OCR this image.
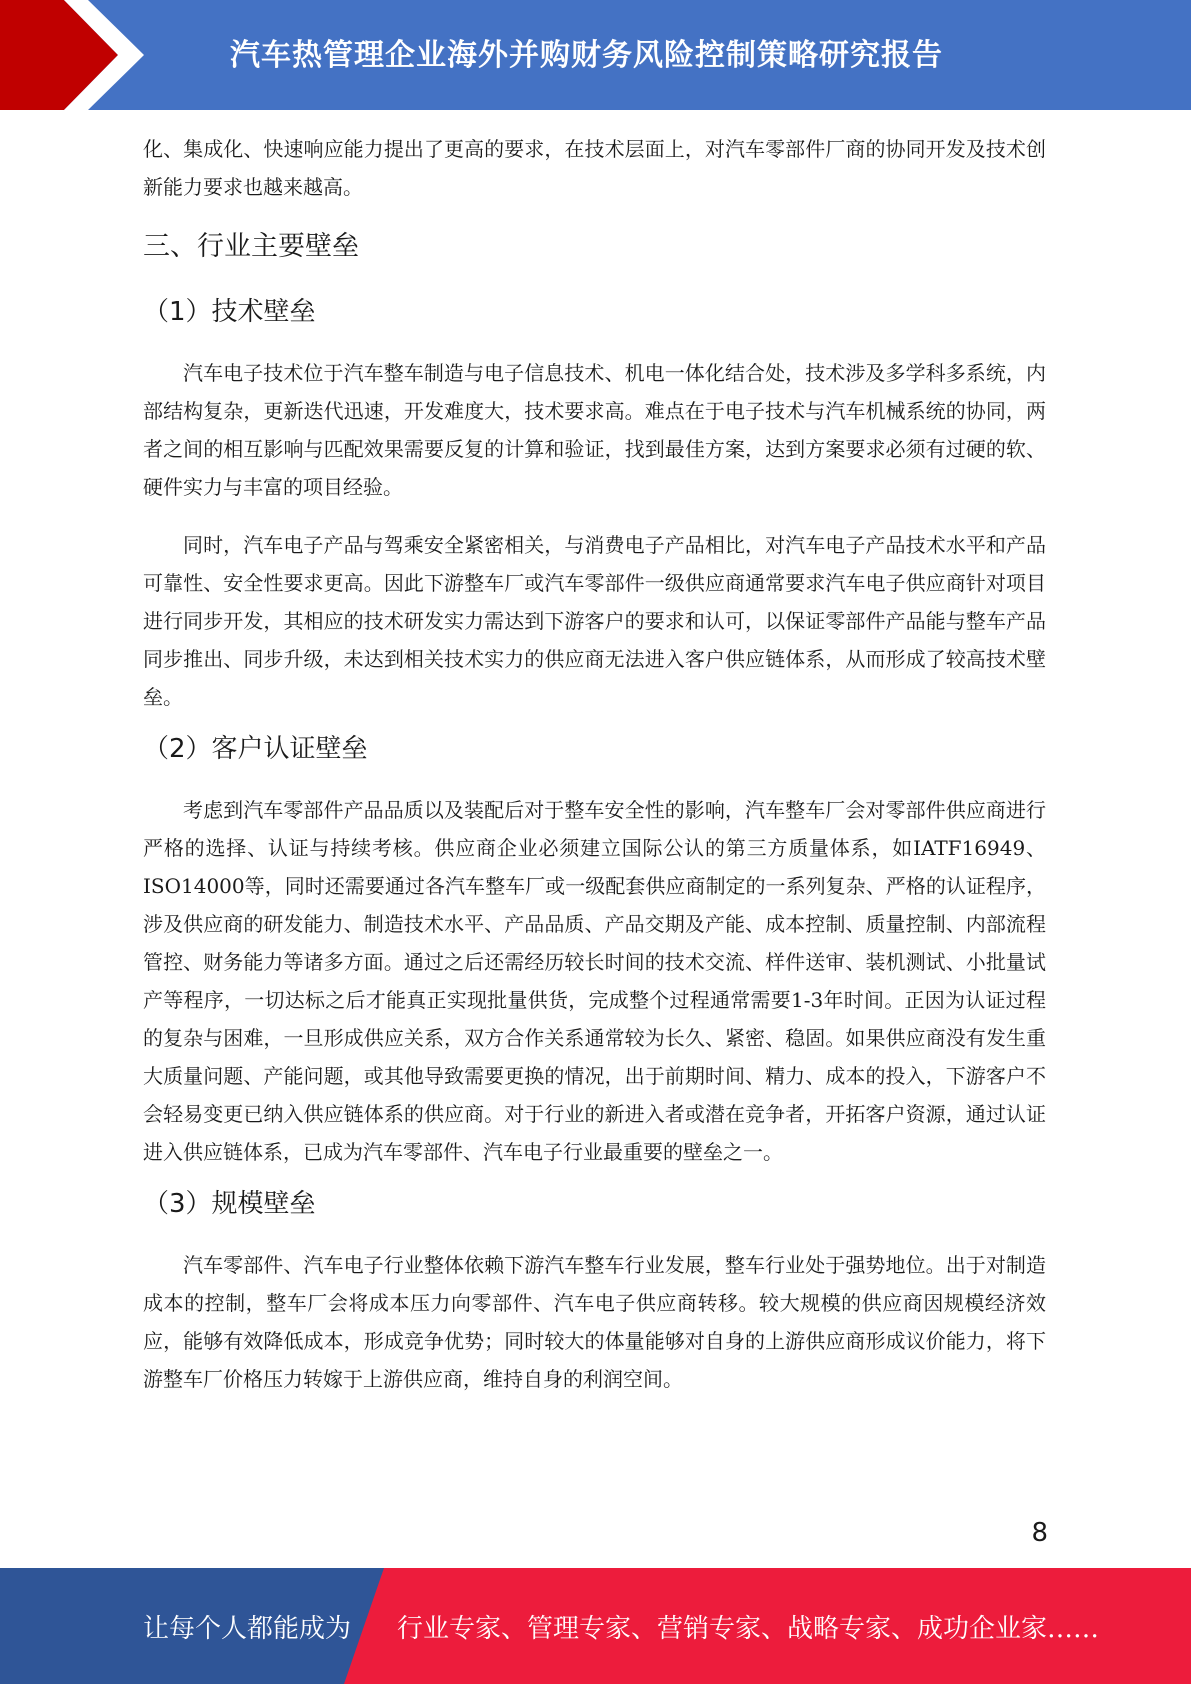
汽车热管理企业海外并购财务风险控制策略研究报告

化、集成化、快速响应能力提出了更高的要求，在技术层面上，对汽车零部件厂商的协同开发及技术创新能力要求也越来越高。

三、行业主要壁垒
（1）技术壁垒

汽车电子技术位于汽车整车制造与电子信息技术、机电一体化结合处，技术涉及多学科多系统，内部结构复杂，更新迭代迅速，开发难度大，技术要求高。难点在于电子技术与汽车机械系统的协同，两者之间的相互影响与匹配效果需要反复的计算和验证，找到最佳方案，达到方案要求必须有过硬的软、硬件实力与丰富的项目经验。

同时，汽车电子产品与驾乘安全紧密相关，与消费电子产品相比，对汽车电子产品技术水平和产品可靠性、安全性要求更高。因此下游整车厂或汽车零部件一级供应商通常要求汽车电子供应商针对项目进行同步开发，其相应的技术研发实力需达到下游客户的要求和认可，以保证零部件产品能与整车产品同步推出、同步升级，未达到相关技术实力的供应商无法进入客户供应链体系，从而形成了较高技术壁垒。

（2）客户认证壁垒

考虑到汽车零部件产品品质以及装配后对于整车安全性的影响，汽车整车厂会对零部件供应商进行严格的选择、认证与持续考核。供应商企业必须建立国际公认的第三方质量体系，如IATF16949、ISO14000等，同时还需要通过各汽车整车厂或一级配套供应商制定的一系列复杂、严格的认证程序，涉及供应商的研发能力、制造技术水平、产品品质、产品交期及产能、成本控制、质量控制、内部流程管控、财务能力等诸多方面。通过之后还需经历较长时间的技术交流、样件送审、装机测试、小批量试产等程序，一切达标之后才能真正实现批量供货，完成整个过程通常需要1-3年时间。正因为认证过程的复杂与困难，一旦形成供应关系，双方合作关系通常较为长久、紧密、稳固。如果供应商没有发生重大质量问题、产能问题，或其他导致需要更换的情况，出于前期时间、精力、成本的投入，下游客户不会轻易变更已纳入供应链体系的供应商。对于行业的新进入者或潜在竞争者，开拓客户资源，通过认证进入供应链体系，已成为汽车零部件、汽车电子行业最重要的壁垒之一。

（3）规模壁垒

汽车零部件、汽车电子行业整体依赖下游汽车整车行业发展，整车行业处于强势地位。出于对制造成本的控制，整车厂会将成本压力向零部件、汽车电子供应商转移。较大规模的供应商因规模经济效应，能够有效降低成本，形成竞争优势；同时较大的体量能够对自身的上游供应商形成议价能力，将下游整车厂价格压力转嫁于上游供应商，维持自身的利润空间。

8
让每个人都能成为 行业专家、管理专家、营销专家、战略专家、成功企业家……
